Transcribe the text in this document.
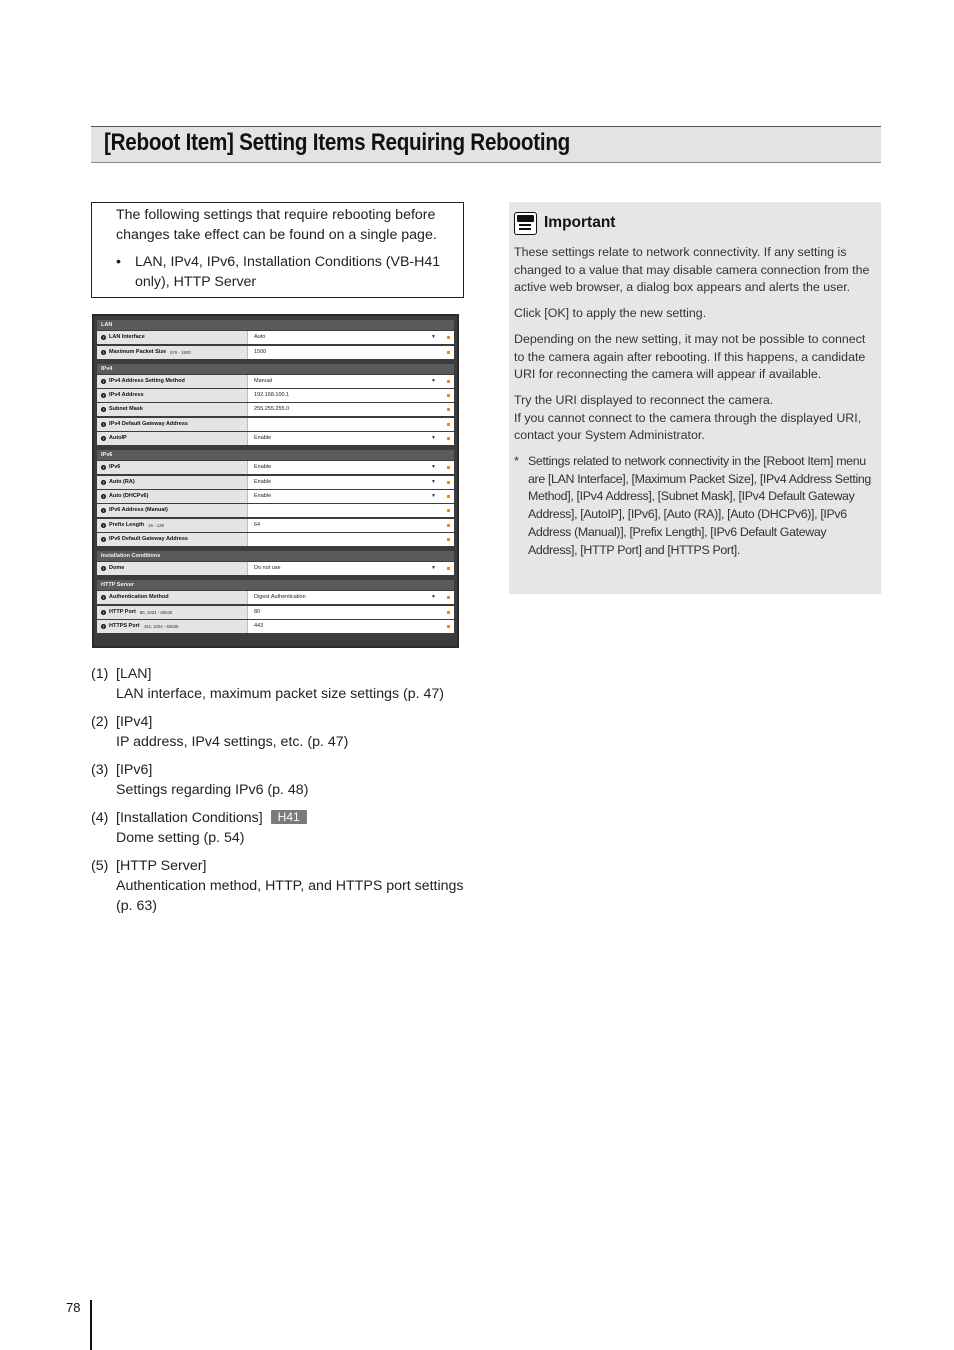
[Reboot Item] Setting Items Requiring Rebooting
The following settings that require rebooting before changes take effect can be found on a single page.
• LAN, IPv4, IPv6, Installation Conditions (VB-H41 only), HTTP Server
LAN
? LAN Interface	Auto	▼
? Maximum Packet Size 576 - 1500	1500
IPv4
? IPv4 Address Setting Method	Manual	▼
? IPv4 Address	192.168.100.1
? Subnet Mask	255.255.255.0
? IPv4 Default Gateway Address
? AutoIP	Enable	▼
IPv6
? IPv6	Enable	▼
? Auto (RA)	Enable	▼
? Auto (DHCPv6)	Enable	▼
? IPv6 Address (Manual)
? Prefix Length 16 - 128	64
? IPv6 Default Gateway Address
Installation Conditions
? Dome	Do not use	▼
HTTP Server
? Authentication Method	Digest Authentication	▼
? HTTP Port 80, 1024 - 65535	80
? HTTPS Port 443, 1024 - 65535	443
(1) [LAN]
LAN interface, maximum packet size settings (p. 47)
(2) [IPv4]
IP address, IPv4 settings, etc. (p. 47)
(3) [IPv6]
Settings regarding IPv6 (p. 48)
(4) [Installation Conditions] H41
Dome setting (p. 54)
(5) [HTTP Server]
Authentication method, HTTP, and HTTPS port settings (p. 63)
Important

These settings relate to network connectivity. If any setting is changed to a value that may disable camera connection from the active web browser, a dialog box appears and alerts the user.

Click [OK] to apply the new setting.

Depending on the new setting, it may not be possible to connect to the camera again after rebooting. If this happens, a candidate URI for reconnecting the camera will appear if available.

Try the URI displayed to reconnect the camera.
If you cannot connect to the camera through the displayed URI, contact your System Administrator.

* Settings related to network connectivity in the [Reboot Item] menu are [LAN Interface], [Maximum Packet Size], [IPv4 Address Setting Method], [IPv4 Address], [Subnet Mask], [IPv4 Default Gateway Address], [AutoIP], [IPv6], [Auto (RA)], [Auto (DHCPv6)], [IPv6 Address (Manual)], [Prefix Length], [IPv6 Default Gateway Address], [HTTP Port] and [HTTPS Port].
78
